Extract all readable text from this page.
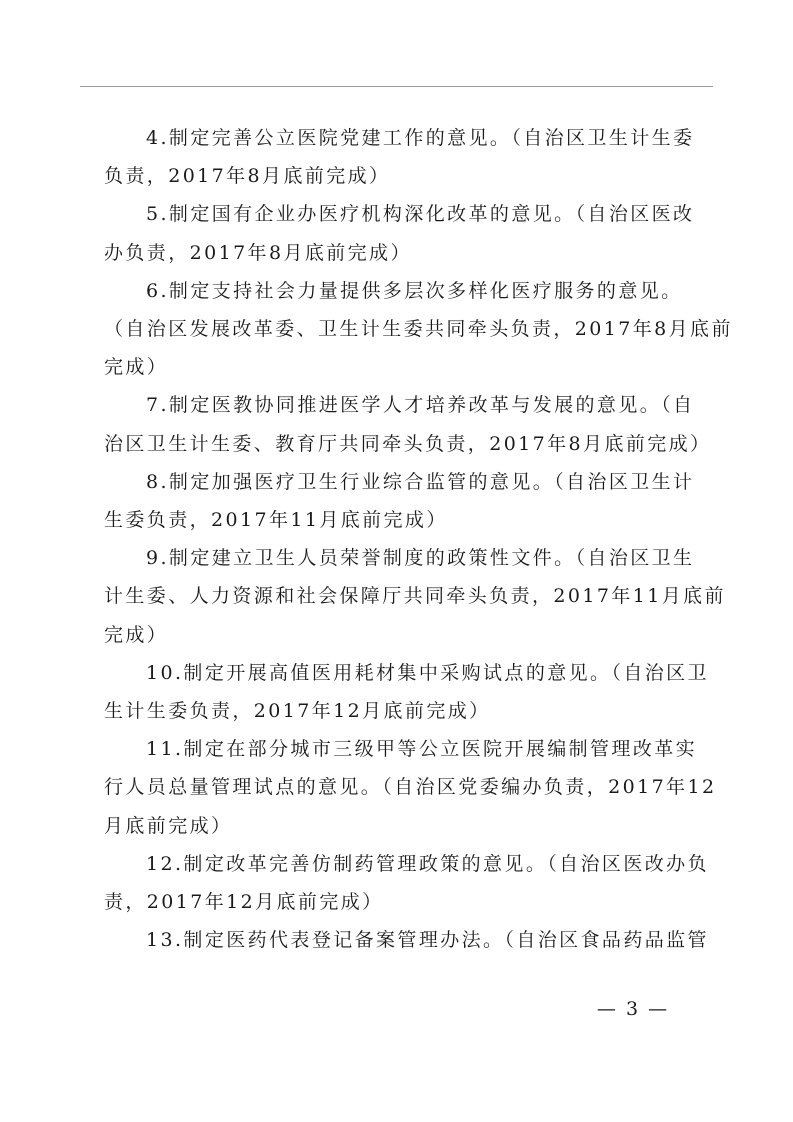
4.制定完善公立医院党建工作的意见。（自治区卫生计生委
负责，2017年8月底前完成）

5.制定国有企业办医疗机构深化改革的意见。（自治区医改
办负责，2017年8月底前完成）

6.制定支持社会力量提供多层次多样化医疗服务的意见。
（自治区发展改革委、卫生计生委共同牵头负责，2017年8月底前
完成）

7.制定医教协同推进医学人才培养改革与发展的意见。（自
治区卫生计生委、教育厅共同牵头负责，2017年8月底前完成）

8.制定加强医疗卫生行业综合监管的意见。（自治区卫生计
生委负责，2017年11月底前完成）

9.制定建立卫生人员荣誉制度的政策性文件。（自治区卫生
计生委、人力资源和社会保障厅共同牵头负责，2017年11月底前
完成）

10.制定开展高值医用耗材集中采购试点的意见。（自治区卫
生计生委负责，2017年12月底前完成）

11.制定在部分城市三级甲等公立医院开展编制管理改革实
行人员总量管理试点的意见。（自治区党委编办负责，2017年12
月底前完成）

12.制定改革完善仿制药管理政策的意见。（自治区医改办负
责，2017年12月底前完成）

13.制定医药代表登记备案管理办法。（自治区食品药品监管

— 3 —
